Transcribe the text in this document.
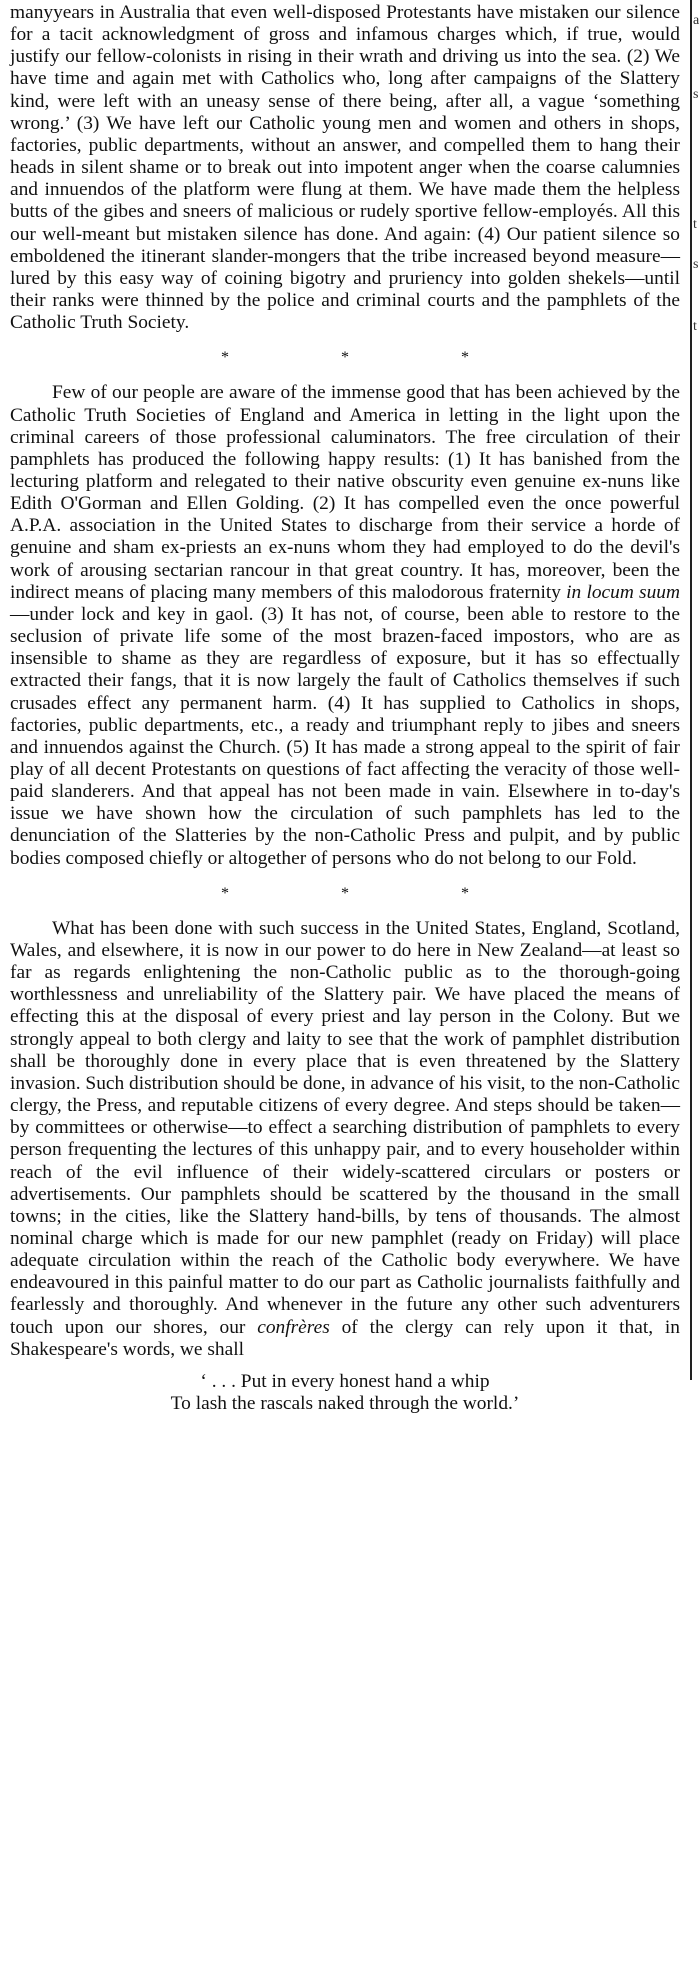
manyyears in Australia that even well-disposed Protestants have mistaken our silence for a tacit acknowledgment of gross and infamous charges which, if true, would justify our fellow-colonists in rising in their wrath and driving us into the sea. (2) We have time and again met with Catholics who, long after campaigns of the Slattery kind, were left with an uneasy sense of there being, after all, a vague ‘something wrong.’ (3) We have left our Catholic young men and women and others in shops, factories, public departments, without an answer, and compelled them to hang their heads in silent shame or to break out into impotent anger when the coarse calumnies and innuendos of the platform were flung at them. We have made them the helpless butts of the gibes and sneers of malicious or rudely sportive fellow-employés. All this our well-meant but mistaken silence has done. And again: (4) Our patient silence so emboldened the itinerant slander-mongers that the tribe increased beyond measure—lured by this easy way of coining bigotry and pruriency into golden shekels—until their ranks were thinned by the police and criminal courts and the pamphlets of the Catholic Truth Society.

*	*	*

Few of our people are aware of the immense good that has been achieved by the Catholic Truth Societies of England and America in letting in the light upon the criminal careers of those professional caluminators. The free circulation of their pamphlets has produced the following happy results: (1) It has banished from the lecturing platform and relegated to their native obscurity even genuine ex-nuns like Edith O'Gorman and Ellen Golding. (2) It has compelled even the once powerful A.P.A. association in the United States to discharge from their service a horde of genuine and sham ex-priests an ex-nuns whom they had employed to do the devil's work of arousing sectarian rancour in that great country. It has, moreover, been the indirect means of placing many members of this malodorous fraternity in locum suum—under lock and key in gaol. (3) It has not, of course, been able to restore to the seclusion of private life some of the most brazen-faced impostors, who are as insensible to shame as they are regardless of exposure, but it has so effectually extracted their fangs, that it is now largely the fault of Catholics themselves if such crusades effect any permanent harm. (4) It has supplied to Catholics in shops, factories, public departments, etc., a ready and triumphant reply to jibes and sneers and innuendos against the Church. (5) It has made a strong appeal to the spirit of fair play of all decent Protestants on questions of fact affecting the veracity of those well-paid slanderers. And that appeal has not been made in vain. Elsewhere in to-day's issue we have shown how the circulation of such pamphlets has led to the denunciation of the Slatteries by the non-Catholic Press and pulpit, and by public bodies composed chiefly or altogether of persons who do not belong to our Fold.

*	*	*

What has been done with such success in the United States, England, Scotland, Wales, and elsewhere, it is now in our power to do here in New Zealand—at least so far as regards enlightening the non-Catholic public as to the thorough-going worthlessness and unreliability of the Slattery pair. We have placed the means of effecting this at the disposal of every priest and lay person in the Colony. But we strongly appeal to both clergy and laity to see that the work of pamphlet distribution shall be thoroughly done in every place that is even threatened by the Slattery invasion. Such distribution should be done, in advance of his visit, to the non-Catholic clergy, the Press, and reputable citizens of every degree. And steps should be taken—by committees or otherwise—to effect a searching distribution of pamphlets to every person frequenting the lectures of this unhappy pair, and to every householder within reach of the evil influence of their widely-scattered circulars or posters or advertisements. Our pamphlets should be scattered by the thousand in the small towns; in the cities, like the Slattery hand-bills, by tens of thousands. The almost nominal charge which is made for our new pamphlet (ready on Friday) will place adequate circulation within the reach of the Catholic body everywhere. We have endeavoured in this painful matter to do our part as Catholic journalists faithfully and fearlessly and thoroughly. And whenever in the future any other such adventurers touch upon our shores, our confrères of the clergy can rely upon it that, in Shakespeare's words, we shall

‘ . . . Put in every honest hand a whip
To lash the rascals naked through the world.’
a
s
t
s
t
